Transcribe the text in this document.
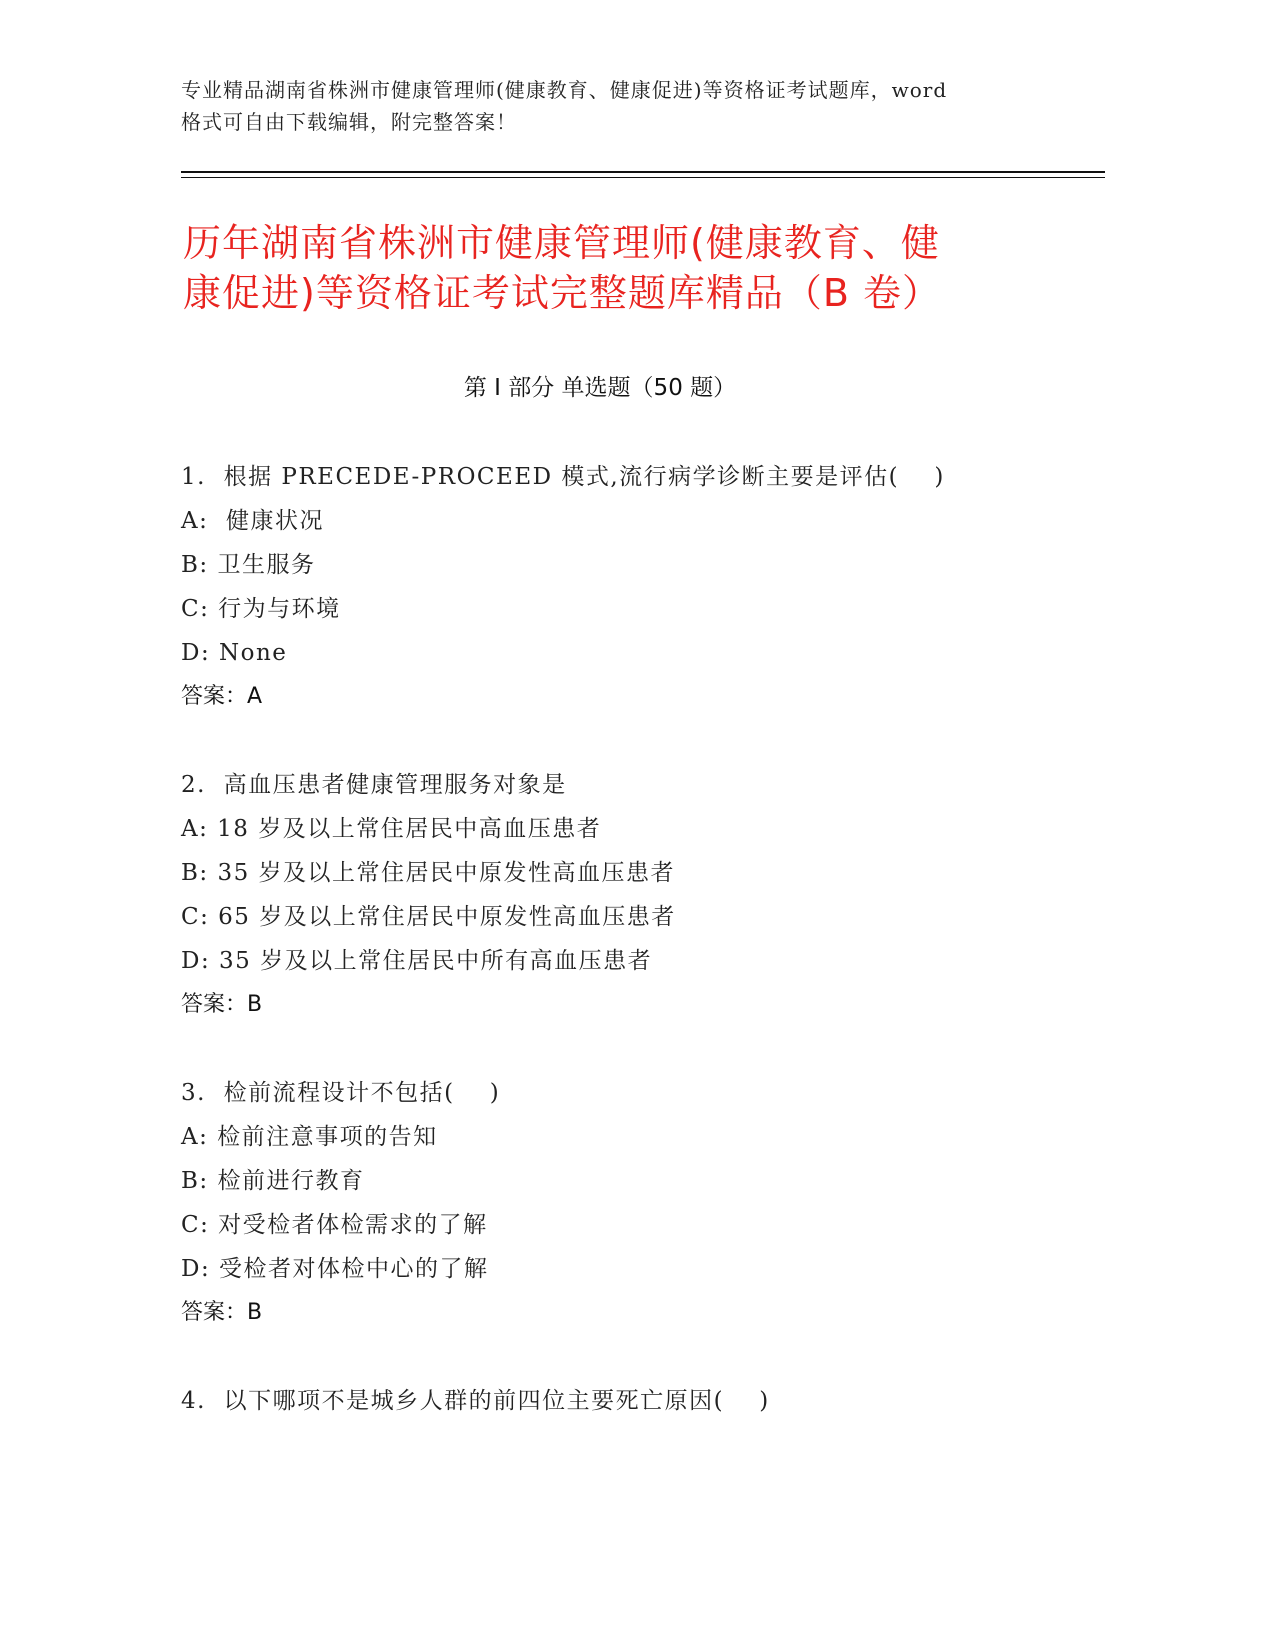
专业精品湖南省株洲市健康管理师(健康教育、健康促进)等资格证考试题库，word
格式可自由下载编辑，附完整答案！
历年湖南省株洲市健康管理师(健康教育、健
康促进)等资格证考试完整题库精品（B 卷）
第 I 部分 单选题（50 题）
1.  根据 PRECEDE-PROCEED 模式,流行病学诊断主要是评估(    )
A:  健康状况
B: 卫生服务
C: 行为与环境
D: None
答案：A
2.  高血压患者健康管理服务对象是
A: 18 岁及以上常住居民中高血压患者
B: 35 岁及以上常住居民中原发性高血压患者
C: 65 岁及以上常住居民中原发性高血压患者
D: 35 岁及以上常住居民中所有高血压患者
答案：B
3.  检前流程设计不包括(    )
A: 检前注意事项的告知
B: 检前进行教育
C: 对受检者体检需求的了解
D: 受检者对体检中心的了解
答案：B
4.  以下哪项不是城乡人群的前四位主要死亡原因(    )
